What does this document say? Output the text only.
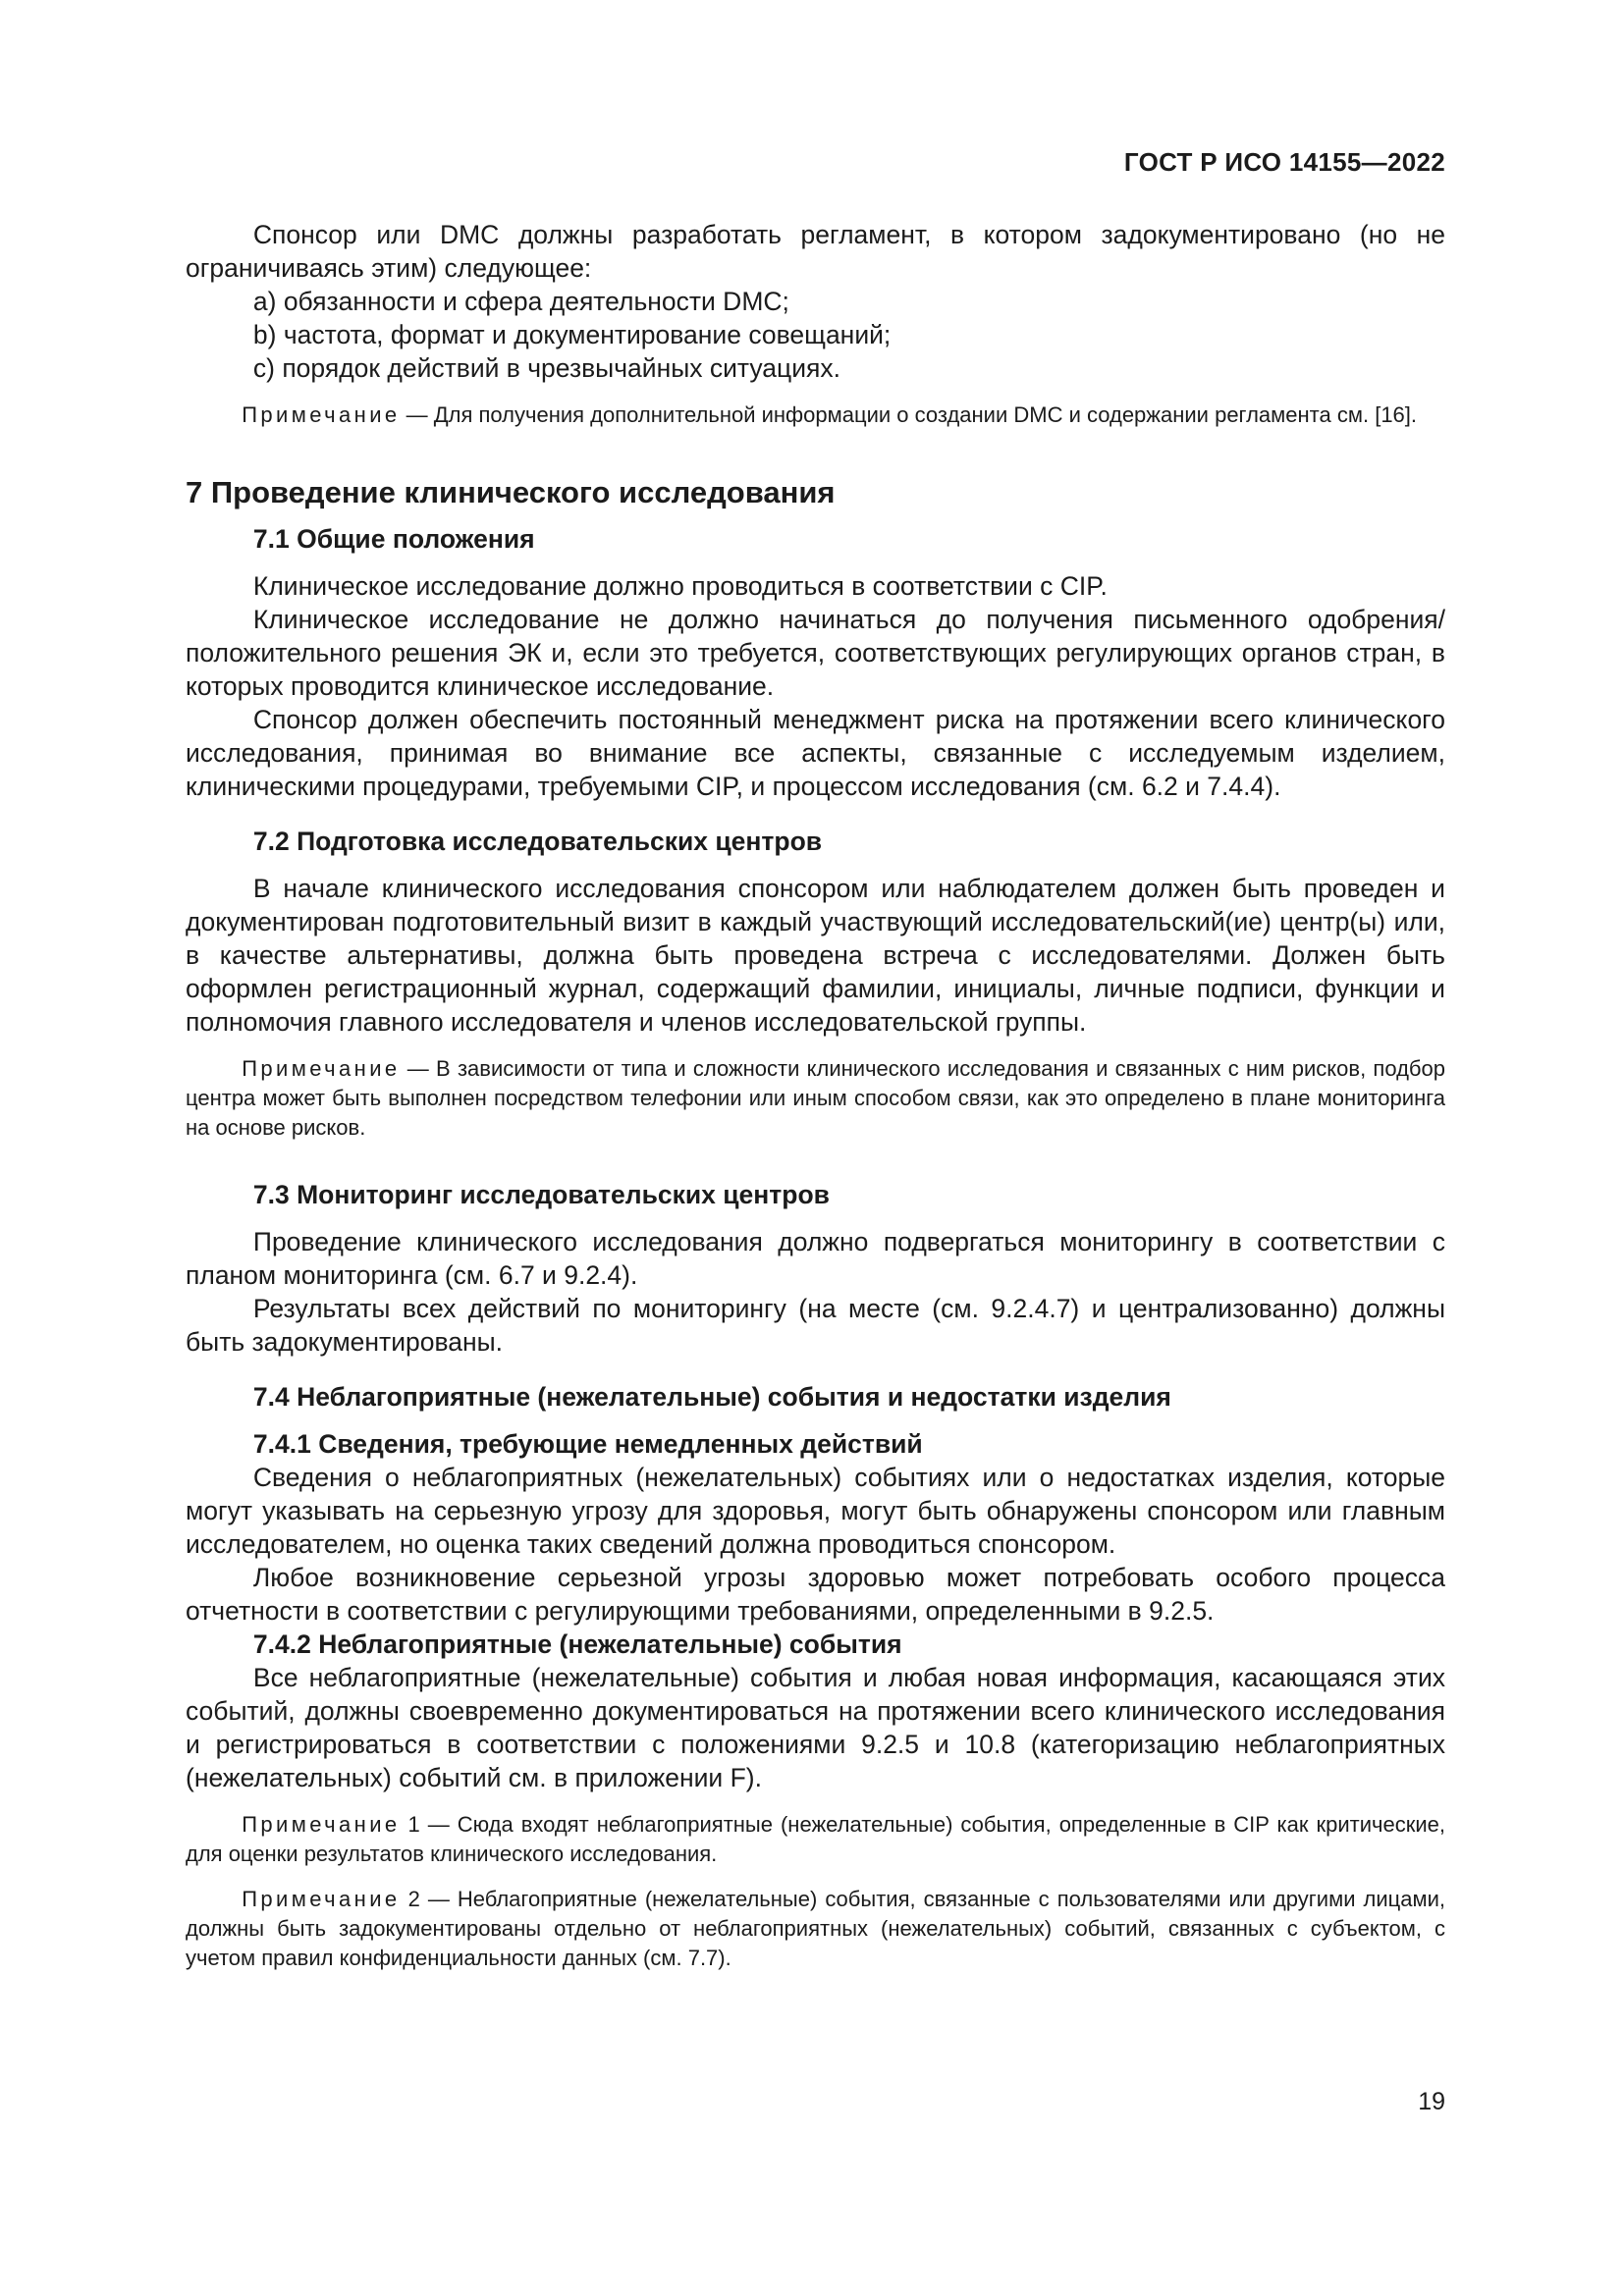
ГОСТ Р ИСО 14155—2022

Спонсор или DMC должны разработать регламент, в котором задокументировано (но не ограничиваясь этим) следующее:

a) обязанности и сфера деятельности DMC;
b) частота, формат и документирование совещаний;
c) порядок действий в чрезвычайных ситуациях.

Примечание — Для получения дополнительной информации о создании DMC и содержании регламента см. [16].

7 Проведение клинического исследования
7.1 Общие положения

Клиническое исследование должно проводиться в соответствии с CIP.

Клиническое исследование не должно начинаться до получения письменного одобрения/положительного решения ЭК и, если это требуется, соответствующих регулирующих органов стран, в которых проводится клиническое исследование.

Спонсор должен обеспечить постоянный менеджмент риска на протяжении всего клинического исследования, принимая во внимание все аспекты, связанные с исследуемым изделием, клиническими процедурами, требуемыми CIP, и процессом исследования (см. 6.2 и 7.4.4).

7.2 Подготовка исследовательских центров

В начале клинического исследования спонсором или наблюдателем должен быть проведен и документирован подготовительный визит в каждый участвующий исследовательский(ие) центр(ы) или, в качестве альтернативы, должна быть проведена встреча с исследователями. Должен быть оформлен регистрационный журнал, содержащий фамилии, инициалы, личные подписи, функции и полномочия главного исследователя и членов исследовательской группы.

Примечание — В зависимости от типа и сложности клинического исследования и связанных с ним рисков, подбор центра может быть выполнен посредством телефонии или иным способом связи, как это определено в плане мониторинга на основе рисков.

7.3 Мониторинг исследовательских центров

Проведение клинического исследования должно подвергаться мониторингу в соответствии с планом мониторинга (см. 6.7 и 9.2.4).

Результаты всех действий по мониторингу (на месте (см. 9.2.4.7) и централизованно) должны быть задокументированы.

7.4 Неблагоприятные (нежелательные) события и недостатки изделия
7.4.1 Сведения, требующие немедленных действий

Сведения о неблагоприятных (нежелательных) событиях или о недостатках изделия, которые могут указывать на серьезную угрозу для здоровья, могут быть обнаружены спонсором или главным исследователем, но оценка таких сведений должна проводиться спонсором.

Любое возникновение серьезной угрозы здоровью может потребовать особого процесса отчетности в соответствии с регулирующими требованиями, определенными в 9.2.5.

7.4.2 Неблагоприятные (нежелательные) события

Все неблагоприятные (нежелательные) события и любая новая информация, касающаяся этих событий, должны своевременно документироваться на протяжении всего клинического исследования и регистрироваться в соответствии с положениями 9.2.5 и 10.8 (категоризацию неблагоприятных (нежелательных) событий см. в приложении F).

Примечание 1 — Сюда входят неблагоприятные (нежелательные) события, определенные в CIP как критические, для оценки результатов клинического исследования.

Примечание 2 — Неблагоприятные (нежелательные) события, связанные с пользователями или другими лицами, должны быть задокументированы отдельно от неблагоприятных (нежелательных) событий, связанных с субъектом, с учетом правил конфиденциальности данных (см. 7.7).

19
